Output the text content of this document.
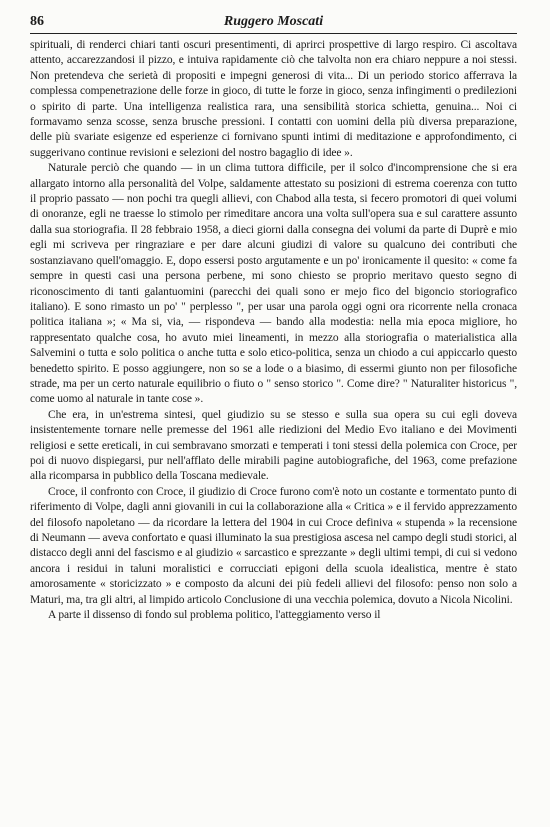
86	Ruggero Moscati

spirituali, di renderci chiari tanti oscuri presentimenti, di aprirci prospettive di largo respiro. Ci ascoltava attento, accarezzandosi il pizzo, e intuiva rapidamente ciò che talvolta non era chiaro neppure a noi stessi. Non pretendeva che serietà di propositi e impegni generosi di vita... Di un periodo storico afferrava la complessa compenetrazione delle forze in gioco, di tutte le forze in gioco, senza infingimenti o predilezioni o spirito di parte. Una intelligenza realistica rara, una sensibilità storica schietta, genuina... Noi ci formavamo senza scosse, senza brusche pressioni. I contatti con uomini della più diversa preparazione, delle più svariate esigenze ed esperienze ci fornivano spunti intimi di meditazione e approfondimento, ci suggerivano continue revisioni e selezioni del nostro bagaglio di idee ».

Naturale perciò che quando — in un clima tuttora difficile, per il solco d'incomprensione che si era allargato intorno alla personalità del Volpe, saldamente attestato su posizioni di estrema coerenza con tutto il proprio passato — non pochi tra quegli allievi, con Chabod alla testa, si fecero promotori di quei volumi di onoranze, egli ne traesse lo stimolo per rimeditare ancora una volta sull'opera sua e sul carattere assunto dalla sua storiografia. Il 28 febbraio 1958, a dieci giorni dalla consegna dei volumi da parte di Duprè e mio egli mi scriveva per ringraziare e per dare alcuni giudizi di valore su qualcuno dei contributi che sostanziavano quell'omaggio. E, dopo essersi posto argutamente e un po' ironicamente il quesito: « come fa sempre in questi casi una persona perbene, mi sono chiesto se proprio meritavo questo segno di riconoscimento di tanti galantuomini (parecchi dei quali sono er mejo fico del bigoncio storiografico italiano). E sono rimasto un po' " perplesso ", per usar una parola oggi ogni ora ricorrente nella cronaca politica italiana »; « Ma si, via, — rispondeva — bando alla modestia: nella mia epoca migliore, ho rappresentato qualche cosa, ho avuto miei lineamenti, in mezzo alla storiografia o materialistica alla Salvemini o tutta e solo politica o anche tutta e solo etico-politica, senza un chiodo a cui appiccarlo questo benedetto spirito. E posso aggiungere, non so se a lode o a biasimo, di essermi giunto non per filosofiche strade, ma per un certo naturale equilibrio o fiuto o " senso storico ". Come dire? " Naturaliter historicus ", come uomo al naturale in tante cose ».

Che era, in un'estrema sintesi, quel giudizio su se stesso e sulla sua opera su cui egli doveva insistentemente tornare nelle premesse del 1961 alle riedizioni del Medio Evo italiano e dei Movimenti religiosi e sette ereticali, in cui sembravano smorzati e temperati i toni stessi della polemica con Croce, per poi di nuovo dispiegarsi, pur nell'afflato delle mirabili pagine autobiografiche, del 1963, come prefazione alla ricomparsa in pubblico della Toscana medievale.

Croce, il confronto con Croce, il giudizio di Croce furono com'è noto un costante e tormentato punto di riferimento di Volpe, dagli anni giovanili in cui la collaborazione alla « Critica » e il fervido apprezzamento del filosofo napoletano — da ricordare la lettera del 1904 in cui Croce definiva « stupenda » la recensione di Neumann — aveva confortato e quasi illuminato la sua prestigiosa ascesa nel campo degli studi storici, al distacco degli anni del fascismo e al giudizio « sarcastico e sprezzante » degli ultimi tempi, di cui si vedono ancora i residui in taluni moralistici e corrucciati epigoni della scuola idealistica, mentre è stato amorosamente « storicizzato » e composto da alcuni dei più fedeli allievi del filosofo: penso non solo a Maturi, ma, tra gli altri, al limpido articolo Conclusione di una vecchia polemica, dovuto a Nicola Nicolini.

A parte il dissenso di fondo sul problema politico, l'atteggiamento verso il
